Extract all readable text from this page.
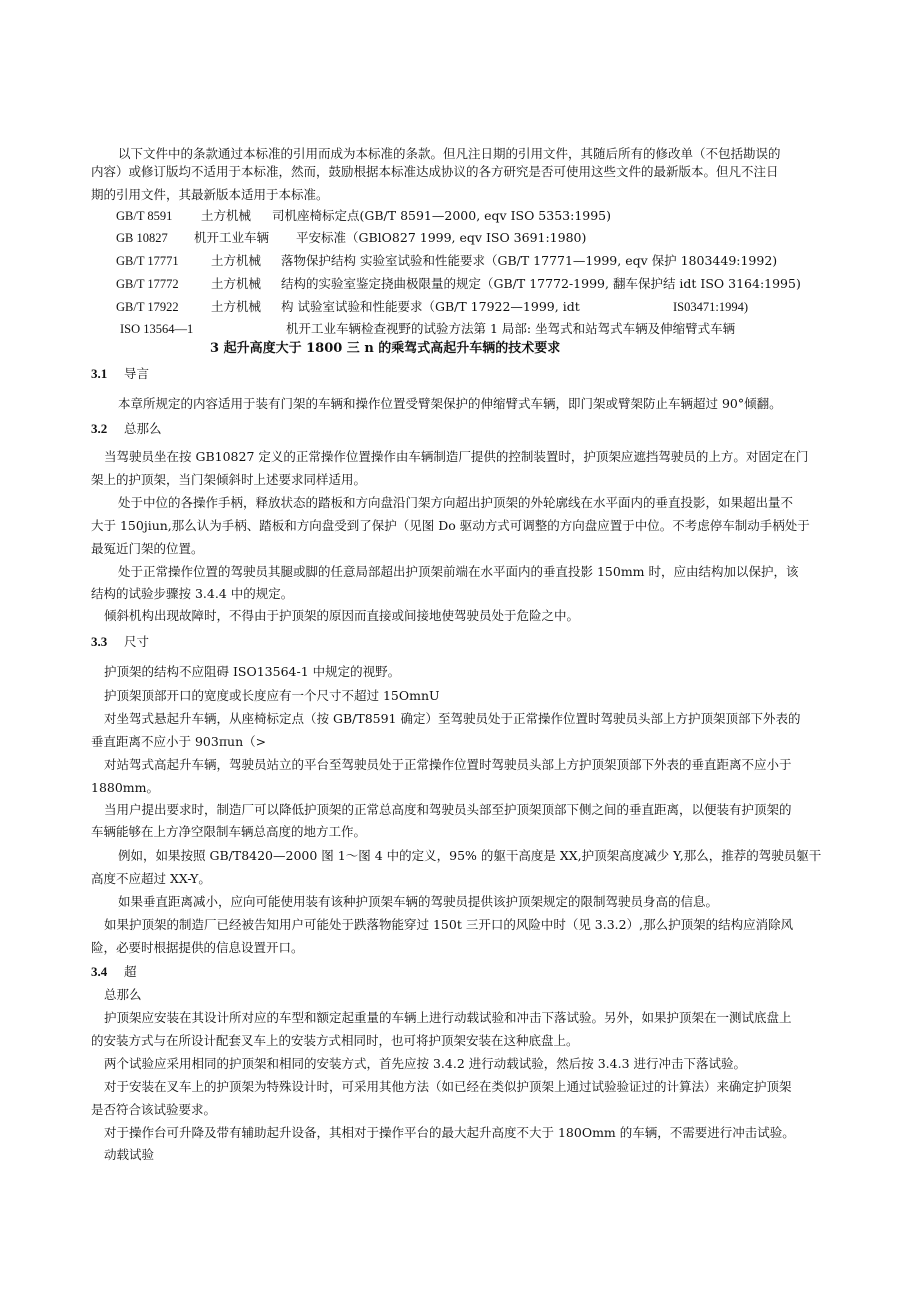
以下文件中的条款通过本标准的引用而成为本标准的条款。但凡注日期的引用文件，其随后所有的修改单（不包括勘误的
内容）或修订版均不适用于本标准，然而，鼓励根据本标准达成协议的各方研究是否可使用这些文件的最新版本。但凡不注日
期的引用文件，其最新版本适用于本标准。
GB/T 8591 土方机械 司机座椅标定点(GB/T 8591—2000, eqv ISO 5353:1995)
GB 10827 机开工业车辆 平安标准（GBlO827 1999, eqv ISO 3691:1980)
GB/T 17771	土方机械 落物保护结构 实验室试验和性能要求（GB/T 17771—1999, eqv 保护 1803449:1992)
GB/T 17772	土方机械 结构的实验室鉴定挠曲极限量的规定（GB/T 17772-1999, 翻车保护结 idt ISO 3164:1995)
GB/T 17922	土方机械 构 试验室试验和性能要求（GB/T 17922—1999, idt	IS03471:1994)
ISO 13564—1	机开工业车辆检查视野的试验方法第 1 局部: 坐驾式和站驾式车辆及伸缩臂式车辆
3 起升高度大于 1800 三 n 的乘驾式高起升车辆的技术要求
3.1 导言
本章所规定的内容适用于装有门架的车辆和操作位置受臂架保护的伸缩臂式车辆，即门架或臂架防止车辆超过 90°倾翻。
3.2 总那么
当驾驶员坐在按 GB10827 定义的正常操作位置操作由车辆制造厂提供的控制装置时，护顶架应遮挡驾驶员的上方。对固定在门
架上的护顶架，当门架倾斜时上述要求同样适用。
处于中位的各操作手柄，释放状态的踏板和方向盘沿门架方向超出护顶架的外轮廓线在水平面内的垂直投影，如果超出量不
大于 150jiun,那么认为手柄、踏板和方向盘受到了保护（见图 Do 驱动方式可调整的方向盘应置于中位。不考虑停车制动手柄处于
最冤近门架的位置。
处于正常操作位置的驾驶员其腿或脚的任意局部超出护顶架前端在水平面内的垂直投影 150mm 时，应由结构加以保护，该
结构的试验步骤按 3.4.4 中的规定。
倾斜机构出现故障时，不得由于护顶架的原因而直接或间接地使驾驶员处于危险之中。
3.3 尺寸
护顶架的结构不应阻碍 ISO13564-1 中规定的视野。
护顶架顶部开口的宽度或长度应有一个尺寸不超过 15OmnU
对坐驾式悬起升车辆，从座椅标定点（按 GB/T8591 确定）至驾驶员处于正常操作位置时驾驶员头部上方护顶架顶部下外表的
垂直距离不应小于 903πun（>
对站驾式高起升车辆，驾驶员站立的平台至驾驶员处于正常操作位置时驾驶员头部上方护顶架顶部下外表的垂直距离不应小于
1880mm。
当用户提出要求时，制造厂可以降低护顶架的正常总高度和驾驶员头部至护顶架顶部下侧之间的垂直距离，以便装有护顶架的
车辆能够在上方净空限制车辆总高度的地方工作。
例如，如果按照 GB/T8420—2000 图 1～图 4 中的定义，95% 的躯干高度是 XX,护顶架高度减少 Y,那么，推荐的驾驶员躯干
高度不应超过 XX-Y。
如果垂直距离减小，应向可能使用装有该种护顶架车辆的驾驶员提供该护顶架规定的限制驾驶员身高的信息。
如果护顶架的制造厂已经被告知用户可能处于跌落物能穿过 150t 三开口的风险中时（见 3.3.2）,那么护顶架的结构应消除风
险，必要时根据提供的信息设置开口。
3.4 超
总那么
护顶架应安装在其设计所对应的车型和额定起重量的车辆上进行动载试验和冲击下落试验。另外，如果护顶架在一测试底盘上
的安装方式与在所设计配套叉车上的安装方式相同时，也可将护顶架安装在这种底盘上。
两个试验应采用相同的护顶架和相同的安装方式，首先应按 3.4.2 进行动载试验，然后按 3.4.3 进行冲击下落试验。
对于安装在叉车上的护顶架为特殊设计时，可采用其他方法（如已经在类似护顶架上通过试验验证过的计算法）来确定护顶架
是否符合该试验要求。
对于操作台可升降及带有辅助起升设备，其相对于操作平台的最大起升高度不大于 180Omm 的车辆，不需要进行冲击试验。
动载试验
